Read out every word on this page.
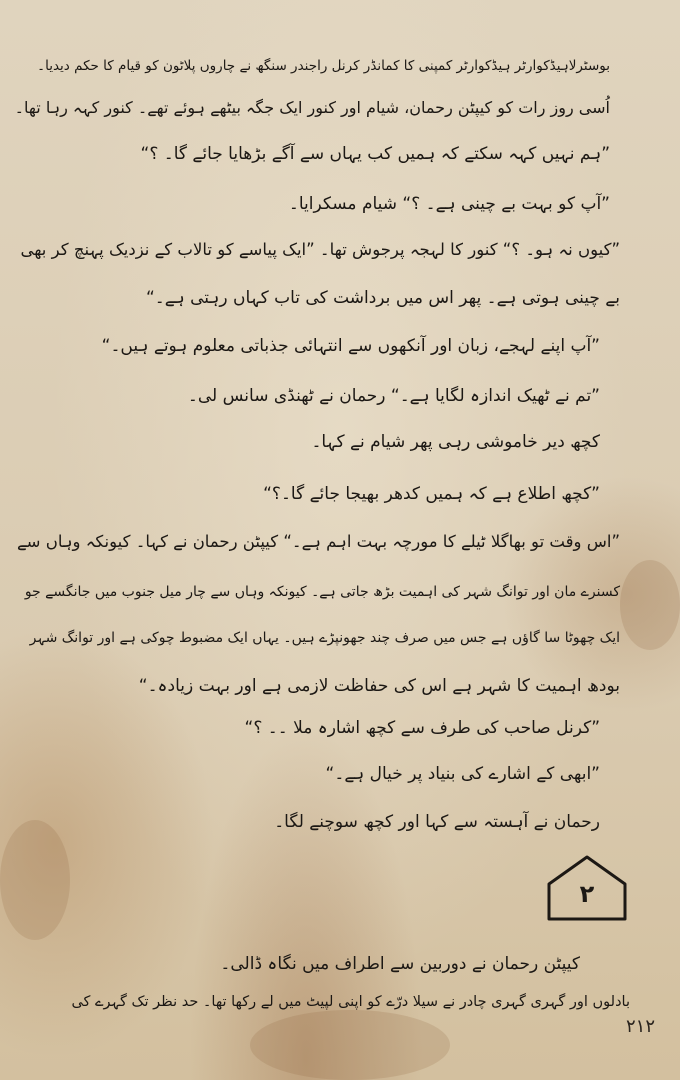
بوسٹرلاہیڈکوارٹر ہیڈکوارٹر کمپنی کا کمانڈر کرنل راجندر سنگھ نے چاروں پلاٹون کو قیام کا حکم دیدیا۔
اُسی روز رات کو کیپٹن رحمان، شیام اور کنور ایک جگہ بیٹھے ہوئے تھے۔ کنور کہہ رہا تھا۔
”ہم نہیں کہہ سکتے کہ ہمیں کب یہاں سے آگے بڑھایا جائے گا۔ ؟“
”آپ کو بہت بے چینی ہے۔ ؟“ شیام مسکرایا۔
”کیوں نہ ہو۔ ؟“ کنور کا لہجہ پرجوش تھا۔ ”ایک پیاسے کو تالاب کے نزدیک پہنچ کر بھی
بے چینی ہوتی ہے۔ پھر اس میں برداشت کی تاب کہاں رہتی ہے۔“
”آپ اپنے لہجے، زبان اور آنکھوں سے انتہائی جذباتی معلوم ہوتے ہیں۔“
”تم نے ٹھیک اندازہ لگایا ہے۔“ رحمان نے ٹھنڈی سانس لی۔
کچھ دیر خاموشی رہی پھر شیام نے کہا۔
”کچھ اطلاع ہے کہ ہمیں کدھر بھیجا جائے گا۔؟“
”اس وقت تو بھاگلا ٹیلے کا مورچہ بہت اہم ہے۔“ کیپٹن رحمان نے کہا۔ کیونکہ وہاں سے
کسنرے مان اور توانگ شہر کی اہمیت بڑھ جاتی ہے۔ کیونکہ وہاں سے چار میل جنوب میں جانگسے جو
ایک چھوٹا سا گاؤں ہے جس میں صرف چند جھونپڑے ہیں۔ یہاں ایک مضبوط چوکی ہے اور توانگ شہر
بودھ اہمیت کا شہر ہے اس کی حفاظت لازمی ہے اور بہت زیادہ۔“
”کرنل صاحب کی طرف سے کچھ اشارہ ملا ۔۔ ؟“
”ابھی کے اشارے کی بنیاد پر خیال ہے۔“
رحمان نے آہستہ سے کہا اور کچھ سوچنے لگا۔
۲
کیپٹن رحمان نے دوربین سے اطراف میں نگاہ ڈالی۔
بادلوں اور گہری گہری چادر نے سیلا درّے کو اپنی لپیٹ میں لے رکھا تھا۔ حد نظر تک گہرے کی
۲۱۲
